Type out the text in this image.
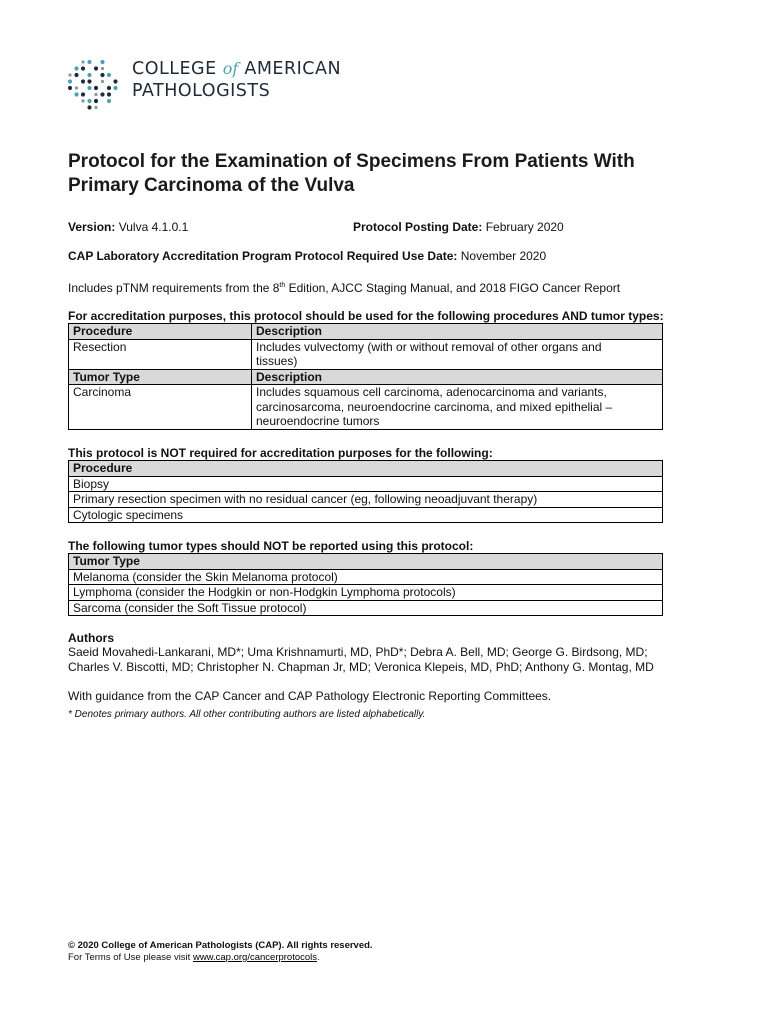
COLLEGE of AMERICAN
PATHOLOGISTS
Protocol for the Examination of Specimens From Patients With
Primary Carcinoma of the Vulva
Version: Vulva 4.1.0.1	Protocol Posting Date: February 2020
CAP Laboratory Accreditation Program Protocol Required Use Date: November 2020
Includes pTNM requirements from the 8th Edition, AJCC Staging Manual, and 2018 FIGO Cancer Report
For accreditation purposes, this protocol should be used for the following procedures AND tumor types:
Procedure	Description
Resection	Includes vulvectomy (with or without removal of other organs and
tissues)

Tumor Type	Description
Carcinoma	Includes squamous cell carcinoma, adenocarcinoma and variants,
carcinosarcoma, neuroendocrine carcinoma, and mixed epithelial –
neuroendocrine tumors
This protocol is NOT required for accreditation purposes for the following:
Procedure
Biopsy
Primary resection specimen with no residual cancer (eg, following neoadjuvant therapy)
Cytologic specimens
The following tumor types should NOT be reported using this protocol:
Tumor Type
Melanoma (consider the Skin Melanoma protocol)
Lymphoma (consider the Hodgkin or non-Hodgkin Lymphoma protocols)
Sarcoma (consider the Soft Tissue protocol)
Authors
Saeid Movahedi-Lankarani, MD*; Uma Krishnamurti, MD, PhD*; Debra A. Bell, MD; George G. Birdsong, MD;
Charles V. Biscotti, MD; Christopher N. Chapman Jr, MD; Veronica Klepeis, MD, PhD; Anthony G. Montag, MD
With guidance from the CAP Cancer and CAP Pathology Electronic Reporting Committees.
* Denotes primary authors. All other contributing authors are listed alphabetically.
© 2020 College of American Pathologists (CAP). All rights reserved.
For Terms of Use please visit www.cap.org/cancerprotocols.
